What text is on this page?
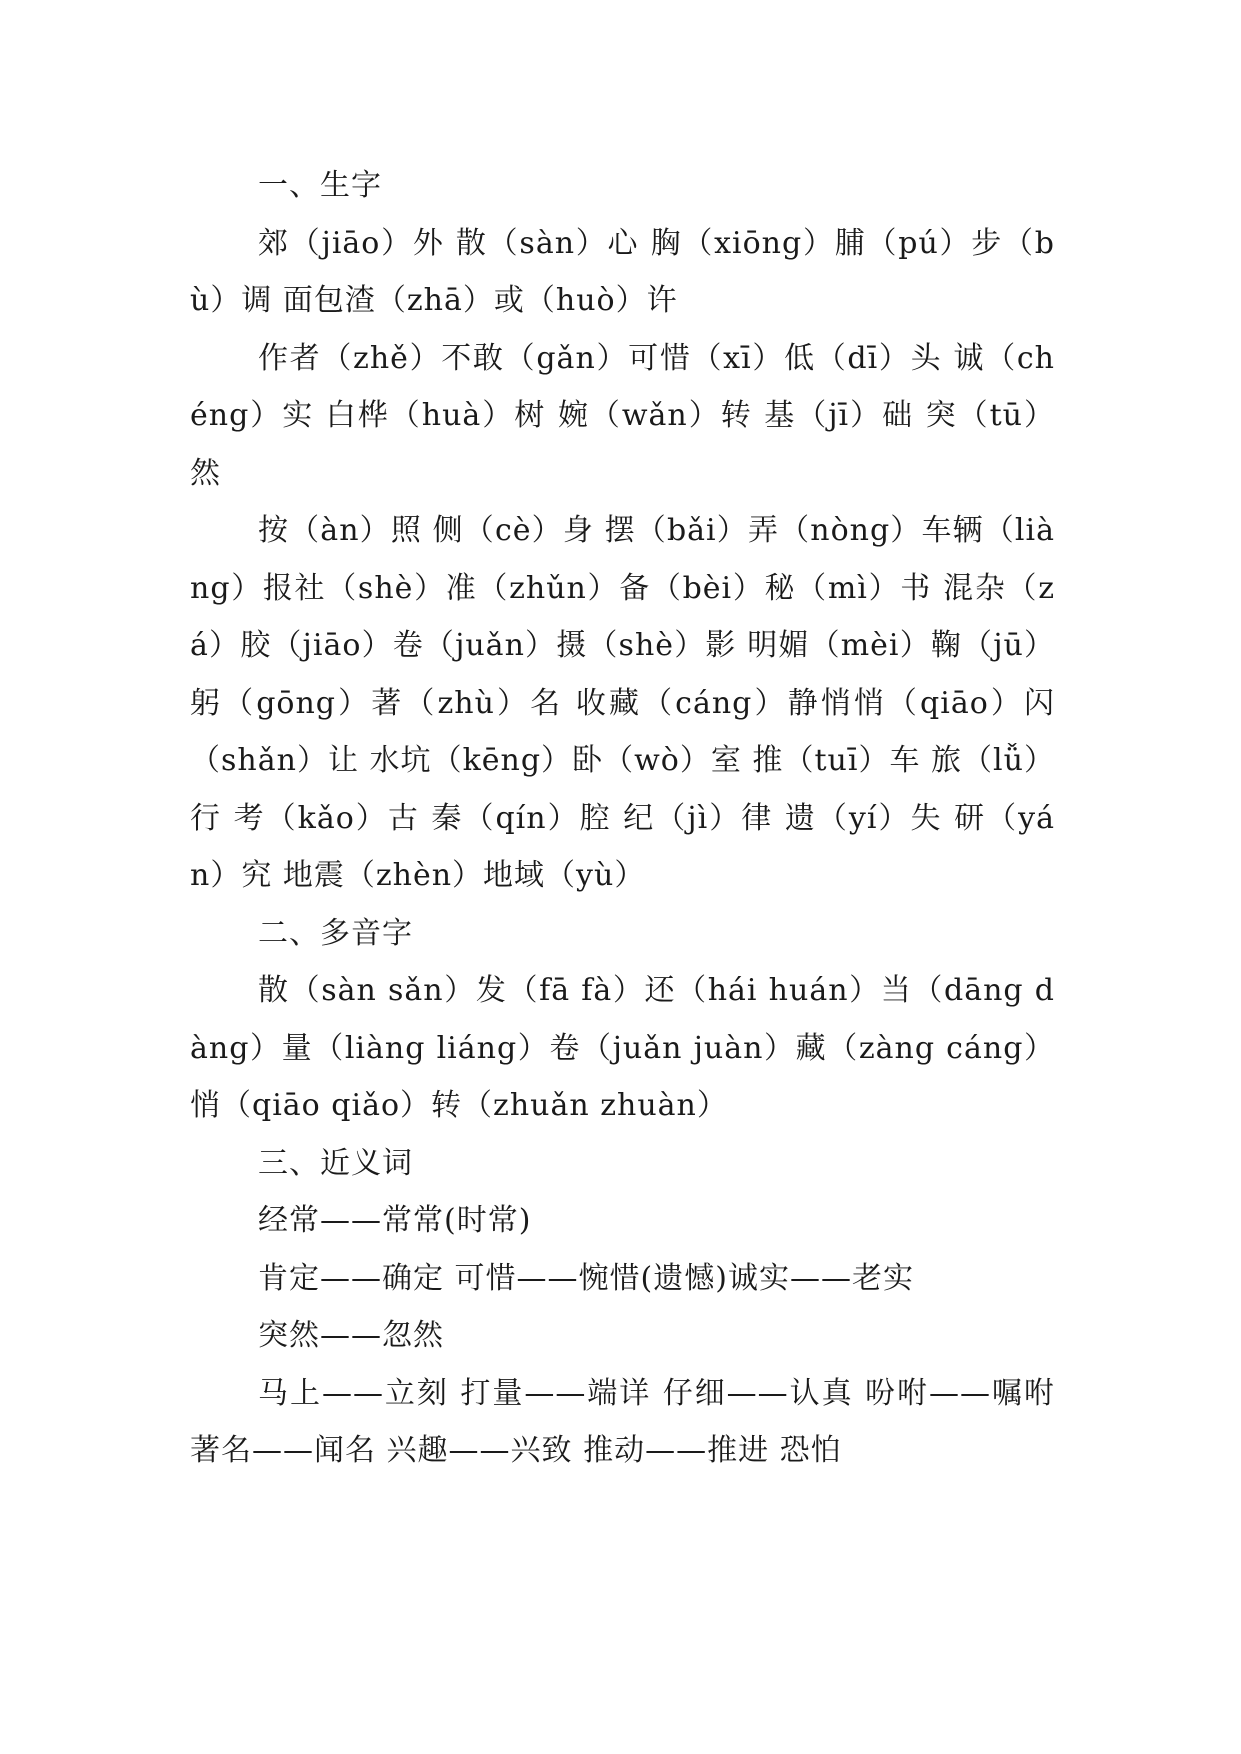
一、生字

郊（jiāo）外 散（sàn）心 胸（xiōng）脯（pú）步（bù）调 面包渣（zhā）或（huò）许

作者（zhě）不敢（gǎn）可惜（xī）低（dī）头 诚（chéng）实 白桦（huà）树 婉（wǎn）转 基（jī）础 突（tū）然

按（àn）照 侧（cè）身 摆（bǎi）弄（nòng）车辆（liàng）报社（shè）准（zhǔn）备（bèi）秘（mì）书 混杂（zá）胶（jiāo）卷（juǎn）摄（shè）影 明媚（mèi）鞠（jū）躬（gōng）著（zhù）名 收藏（cáng）静悄悄（qiāo）闪（shǎn）让 水坑（kēng）卧（wò）室 推（tuī）车 旅（lǚ）行 考（kǎo）古 秦（qín）腔 纪（jì）律 遗（yí）失 研（yán）究 地震（zhèn）地域（yù）

二、多音字

散（sàn sǎn）发（fā fà）还（hái huán）当（dāng dàng）量（liàng liáng）卷（juǎn juàn）藏（zàng cáng）悄（qiāo qiǎo）转（zhuǎn zhuàn）

三、近义词

经常——常常(时常)

肯定——确定 可惜——惋惜(遗憾)诚实——老实

突然——忽然

马上——立刻 打量——端详 仔细——认真 吩咐——嘱咐 著名——闻名 兴趣——兴致 推动——推进 恐怕
